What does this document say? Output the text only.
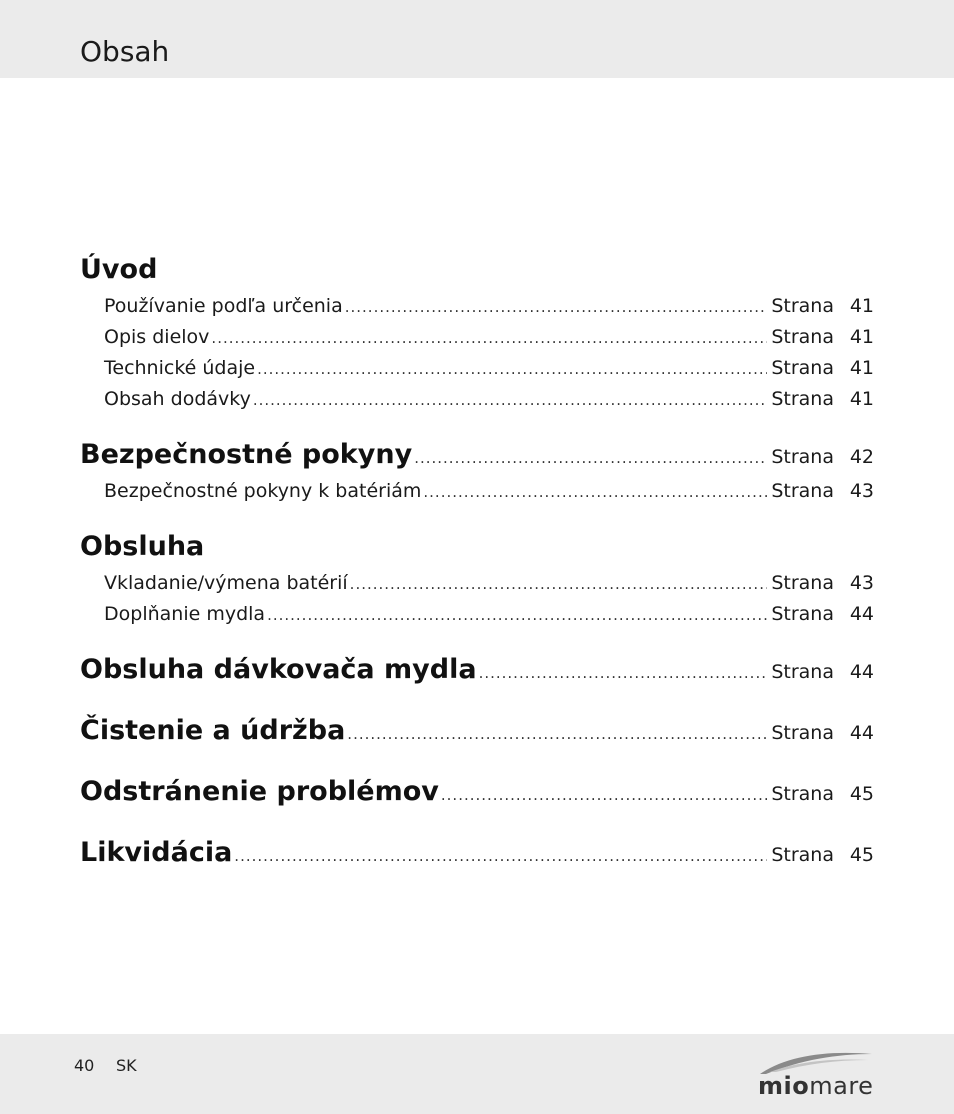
Obsah
Úvod
Používanie podľa určenia .....	Strana 41
Opis dielov .....	Strana 41
Technické údaje .....	Strana 41
Obsah dodávky .....	Strana 41
Bezpečnostné pokyny .....	Strana 42
Bezpečnostné pokyny k batériám .....	Strana 43
Obsluha
Vkladanie/výmena batérií .....	Strana 43
Doplňanie mydla .....	Strana 44
Obsluha dávkovača mydla .....	Strana 44
Čistenie a údržba .....	Strana 44
Odstránenie problémov .....	Strana 45
Likvidácia .....	Strana 45
40 SK
miomare
